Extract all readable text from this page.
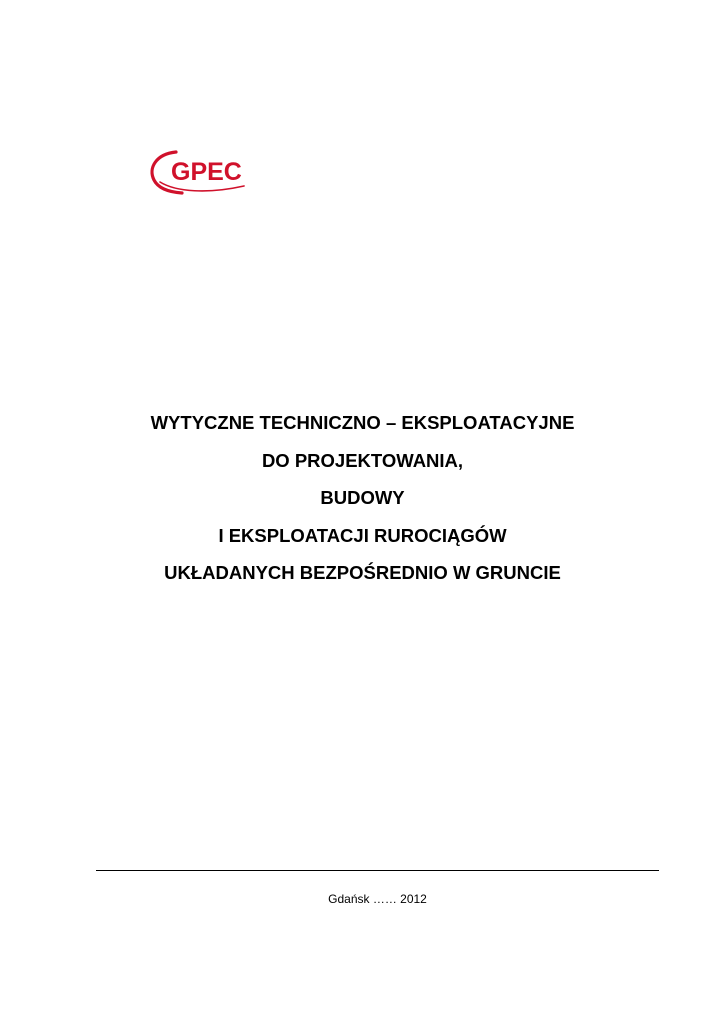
GPEC
WYTYCZNE TECHNICZNO – EKSPLOATACYJNE
DO PROJEKTOWANIA,
BUDOWY
I EKSPLOATACJI RUROCIĄGÓW
UKŁADANYCH BEZPOŚREDNIO W GRUNCIE
Gdańsk …… 2012
